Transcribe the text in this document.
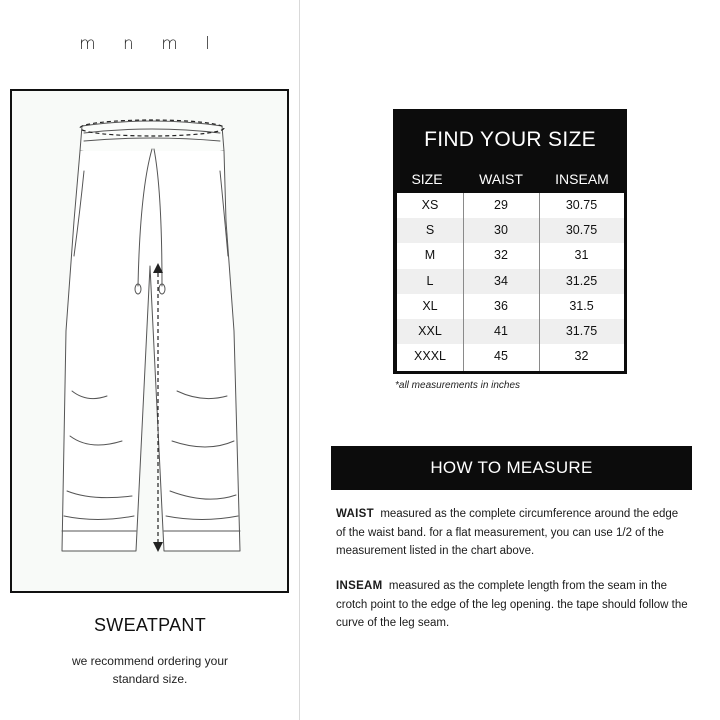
m n m l
SWEATPANT
we recommend ordering your standard size.
FIND YOUR SIZE
SIZE	WAIST	INSEAM
XS	29	30.75
S	30	30.75
M	32	31
L	34	31.25
XL	36	31.5
XXL	41	31.75
XXXL	45	32
*all measurements in inches
HOW TO MEASURE

WAIST measured as the complete circumference around the edge of the waist band. for a flat measurement, you can use 1/2 of the measurement listed in the chart above.

INSEAM measured as the complete length from the seam in the crotch point to the edge of the leg opening. the tape should follow the curve of the leg seam.
